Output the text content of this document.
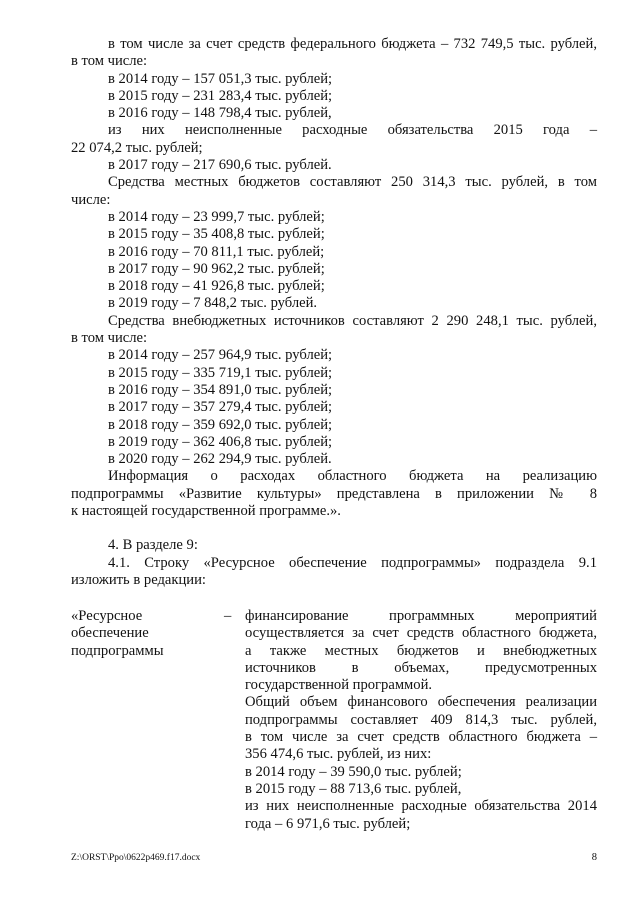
в том числе за счет средств федерального бюджета – 732 749,5 тыс. рублей,
в том числе:
в 2014 году – 157 051,3 тыс. рублей;
в 2015 году – 231 283,4 тыс. рублей;
в 2016 году – 148 798,4 тыс. рублей,
из них неисполненные расходные обязательства 2015 года –
22 074,2 тыс. рублей;
в 2017 году – 217 690,6 тыс. рублей.
Средства местных бюджетов составляют 250 314,3 тыс. рублей, в том
числе:
в 2014 году – 23 999,7 тыс. рублей;
в 2015 году – 35 408,8 тыс. рублей;
в 2016 году – 70 811,1 тыс. рублей;
в 2017 году – 90 962,2 тыс. рублей;
в 2018 году – 41 926,8 тыс. рублей;
в 2019 году – 7 848,2 тыс. рублей.
Средства внебюджетных источников составляют 2 290 248,1 тыс. рублей,
в том числе:
в 2014 году – 257 964,9 тыс. рублей;
в 2015 году – 335 719,1 тыс. рублей;
в 2016 году – 354 891,0 тыс. рублей;
в 2017 году – 357 279,4 тыс. рублей;
в 2018 году – 359 692,0 тыс. рублей;
в 2019 году – 362 406,8 тыс. рублей;
в 2020 году – 262 294,9 тыс. рублей.
Информация о расходах областного бюджета на реализацию
подпрограммы «Развитие культуры» представлена в приложении № 8
к настоящей государственной программе.».
4. В разделе 9:
4.1. Строку «Ресурсное обеспечение подпрограммы» подраздела 9.1
изложить в редакции:
«Ресурсное
обеспечение
подпрограммы
– финансирование программных мероприятий
осуществляется за счет средств областного бюджета,
а также местных бюджетов и внебюджетных
источников в объемах, предусмотренных
государственной программой.
Общий объем финансового обеспечения реализации
подпрограммы составляет 409 814,3 тыс. рублей,
в том числе за счет средств областного бюджета –
356 474,6 тыс. рублей, из них:
в 2014 году – 39 590,0 тыс. рублей;
в 2015 году – 88 713,6 тыс. рублей,
из них неисполненные расходные обязательства 2014
года – 6 971,6 тыс. рублей;
Z:\ORST\Ppo\0622p469.f17.docx	8
